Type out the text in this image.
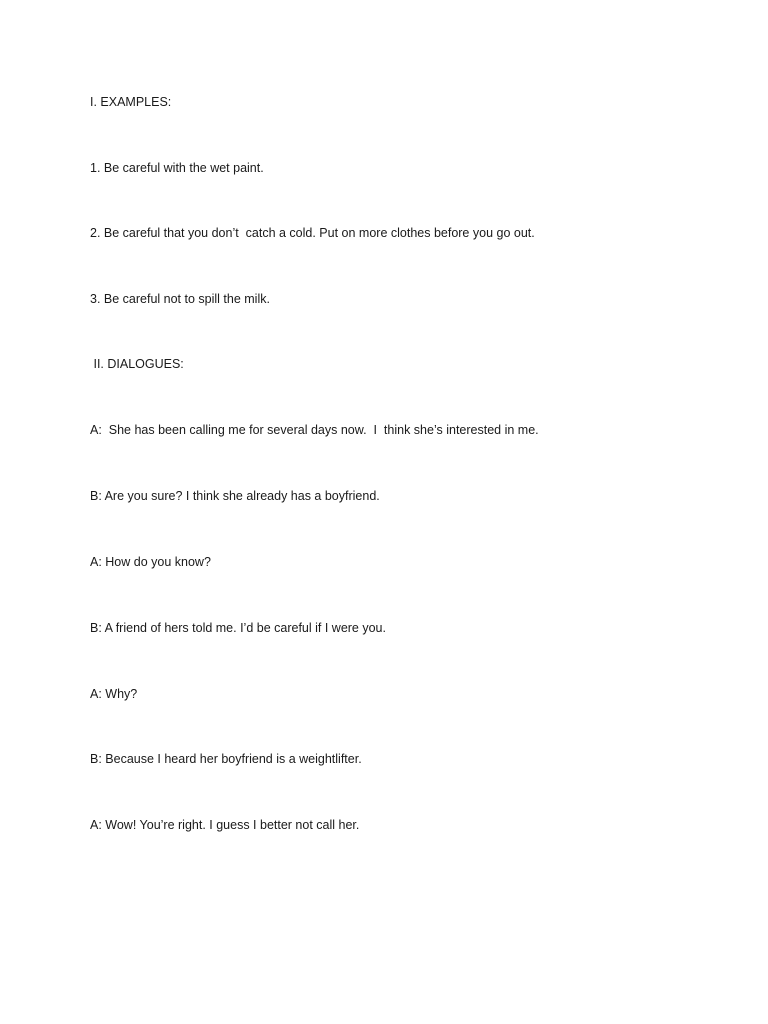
I. EXAMPLES:
1. Be careful with the wet paint.
2. Be careful that you don’t  catch a cold. Put on more clothes before you go out.
3. Be careful not to spill the milk.
II. DIALOGUES:
A:  She has been calling me for several days now.  I  think she’s interested in me.
B: Are you sure? I think she already has a boyfriend.
A: How do you know?
B: A friend of hers told me. I’d be careful if I were you.
A: Why?
B: Because I heard her boyfriend is a weightlifter.
A: Wow! You’re right. I guess I better not call her.
